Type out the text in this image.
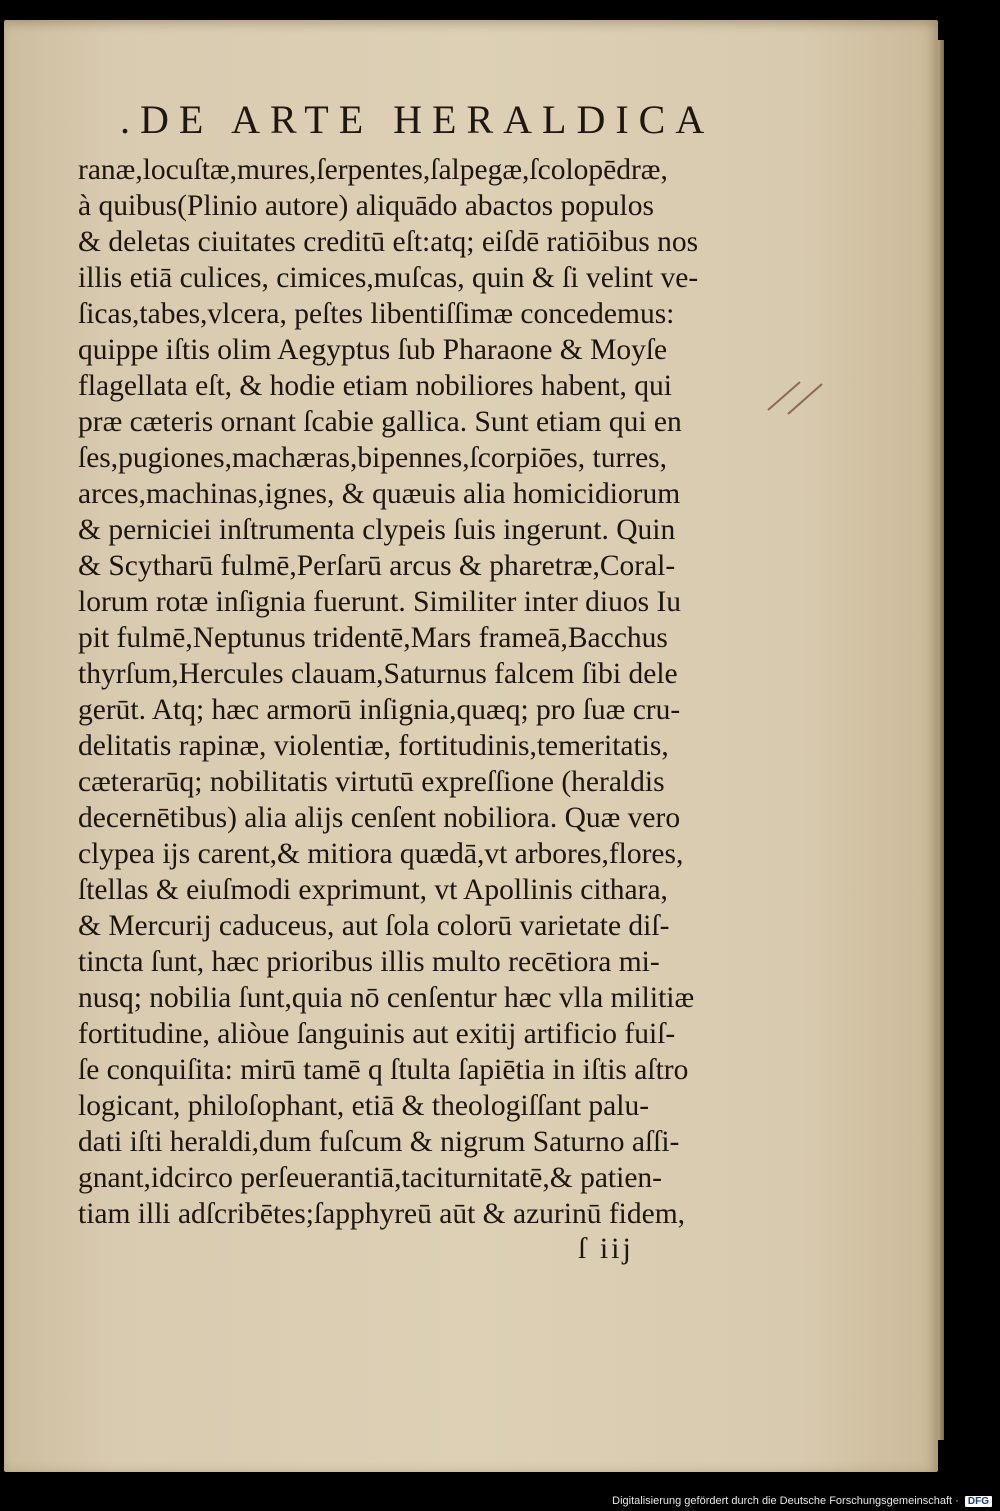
.DE ARTE HERALDICA
ranæ,locuſtæ,mures,ſerpentes,ſalpegæ,ſcolopēdræ,
à quibus(Plinio autore) aliquādo abactos populos
& deletas ciuitates creditū eſt:atq; eiſdē ratiōibus nos
illis etiā culices, cimices,muſcas, quin & ſi velint ve-
ſicas,tabes,vlcera, peſtes libentiſſimæ concedemus:
quippe iſtis olim Aegyptus ſub Pharaone & Moyſe
flagellata eſt, & hodie etiam nobiliores habent, qui
præ cæteris ornant ſcabie gallica. Sunt etiam qui en
ſes,pugiones,machæras,bipennes,ſcorpiōes, turres,
arces,machinas,ignes, & quæuis alia homicidiorum
& perniciei inſtrumenta clypeis ſuis ingerunt. Quin
& Scytharū fulmē,Perſarū arcus & pharetræ,Coral-
lorum rotæ inſignia fuerunt. Similiter inter diuos Iu
pit fulmē,Neptunus tridentē,Mars frameā,Bacchus
thyrſum,Hercules clauam,Saturnus falcem ſibi dele
gerūt. Atq; hæc armorū inſignia,quæq; pro ſuæ cru-
delitatis rapinæ, violentiæ, fortitudinis,temeritatis,
cæterarūq; nobilitatis virtutū expreſſione (heraldis
decernētibus) alia alijs cenſent nobiliora. Quæ vero
clypea ijs carent,& mitiora quædā,vt arbores,flores,
ſtellas & eiuſmodi exprimunt, vt Apollinis cithara,
& Mercurij caduceus, aut ſola colorū varietate diſ-
tincta ſunt, hæc prioribus illis multo recētiora mi-
nusq; nobilia ſunt,quia nō cenſentur hæc vlla militiæ
fortitudine, aliòue ſanguinis aut exitij artificio fuiſ-
ſe conquiſita: mirū tamē q ſtulta ſapiētia in iſtis aſtro
logicant, philoſophant, etiā & theologiſſant palu-
dati iſti heraldi,dum fuſcum & nigrum Saturno aſſi-
gnant,idcirco perſeuerantiā,taciturnitatē,& patien-
tiam illi adſcribētes;ſapphyreū aūt & azurinū fidem,
ſ iij
Digitalisierung gefördert durch die Deutsche Forschungsgemeinschaft · DFG
